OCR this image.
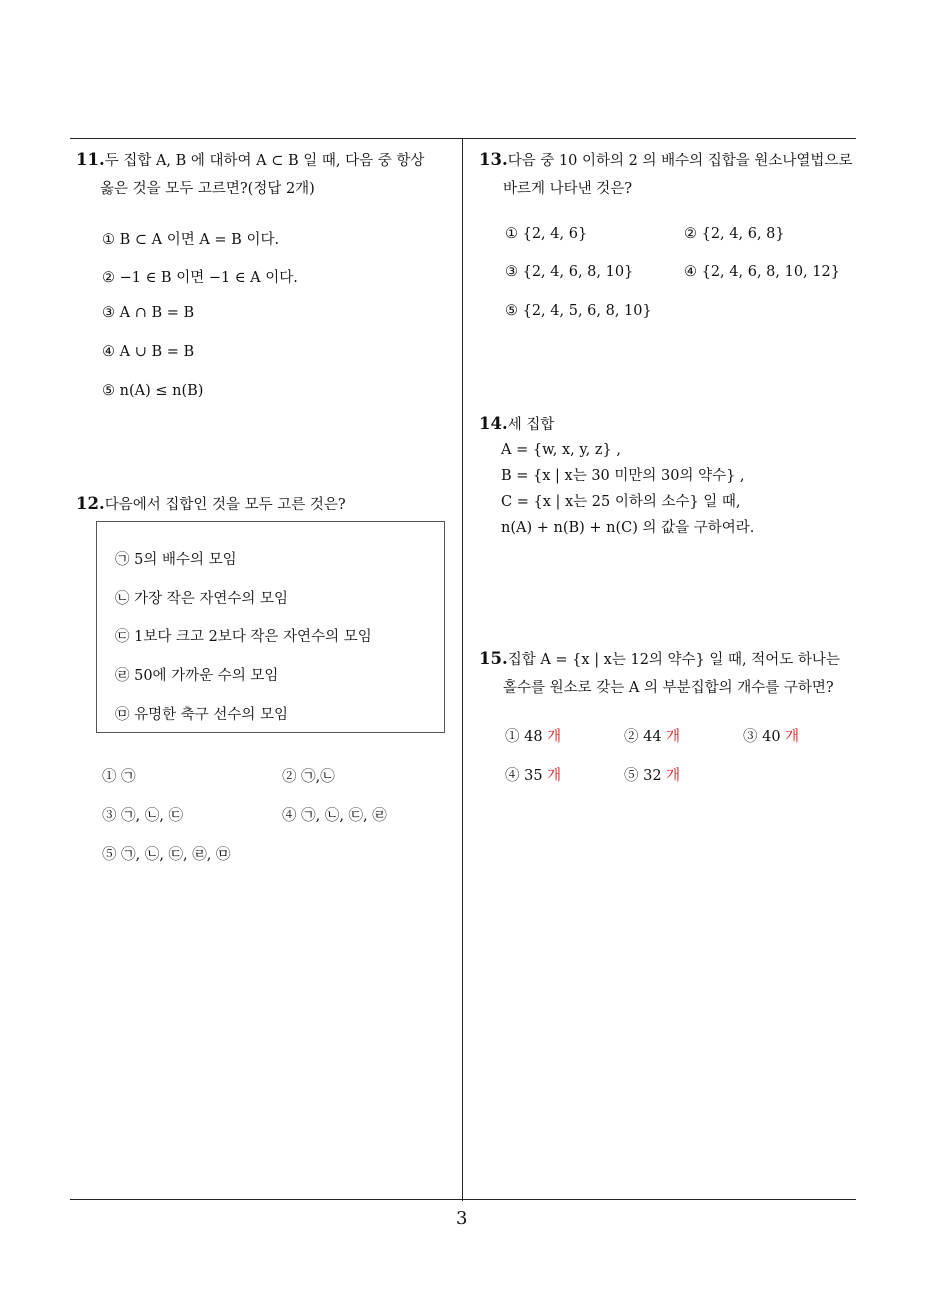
11.두 집합 A, B 에 대하여 A ⊂ B 일 때, 다음 중 항상
옳은 것을 모두 고르면?(정답 2개)
① B ⊂ A 이면 A = B 이다.
② −1 ∈ B 이면 −1 ∈ A 이다.
③ A ∩ B = B
④ A ∪ B = B
⑤ n(A) ≤ n(B)
12.다음에서 집합인 것을 모두 고른 것은?
㉠ 5의 배수의 모임
㉡ 가장 작은 자연수의 모임
㉢ 1보다 크고 2보다 작은 자연수의 모임
㉣ 50에 가까운 수의 모임
㉤ 유명한 축구 선수의 모임
① ㉠	② ㉠,㉡
③ ㉠, ㉡, ㉢	④ ㉠, ㉡, ㉢, ㉣
⑤ ㉠, ㉡, ㉢, ㉣, ㉤
13.다음 중 10 이하의 2 의 배수의 집합을 원소나열법으로
바르게 나타낸 것은?
① {2, 4, 6}	② {2, 4, 6, 8}
③ {2, 4, 6, 8, 10}	④ {2, 4, 6, 8, 10, 12}
⑤ {2, 4, 5, 6, 8, 10}
14.세 집합
A = {w, x, y, z} ,
B = {x | x는 30 미만의 30의 약수} ,
C = {x | x는 25 이하의 소수} 일 때,
n(A) + n(B) + n(C) 의 값을 구하여라.
15.집합 A = {x | x는 12의 약수} 일 때, 적어도 하나는
홀수를 원소로 갖는 A 의 부분집합의 개수를 구하면?
① 48 개	② 44 개	③ 40 개
④ 35 개	⑤ 32 개
3
